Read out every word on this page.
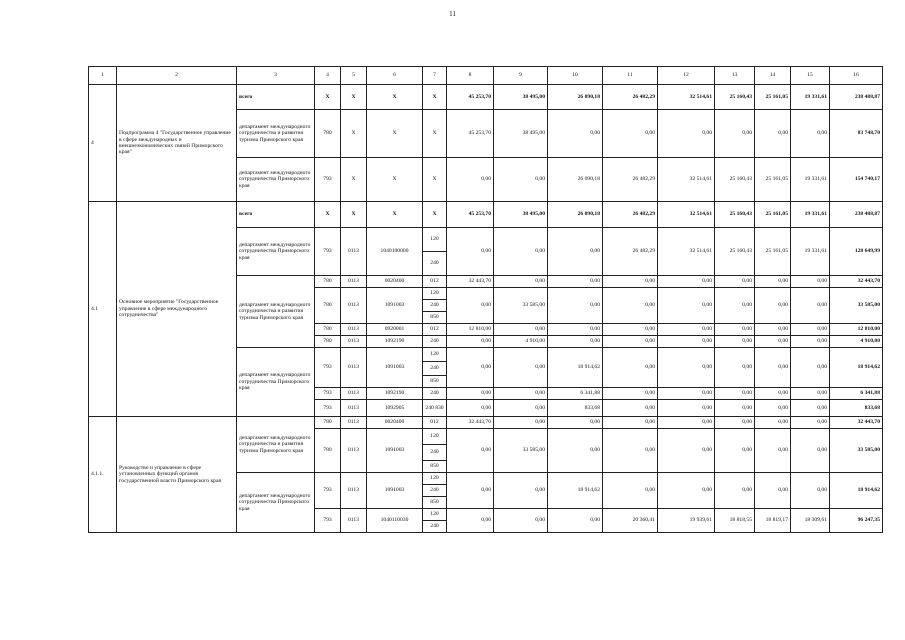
11
1	2	3	4	5	6	7	8	9	10	11	12	13	14	15	16
4	Подпрограмма 4 "Государственное управление в сфере международных и внешнеэкономических связей Приморского края"	всего	X	X	X	X	45 253,70	38 495,00	26 090,18	26 482,29	32 514,61	25 160,43	25 161,05	19 331,61	238 488,87
		департамент международного сотрудничества и развития туризма Приморского края	780	X	X	X	45 253,70	38 495,00	0,00	0,00	0,00	0,00	0,00	0,00	83 748,70
		департамент международного сотрудничества Приморского края	793	X	X	X	0,00	0,00	26 090,18	26 482,29	32 514,61	25 160,43	25 161,05	19 331,61	154 740,17
4.1	Основное мероприятие "Государственное управление в сфере международного сотрудничества"	всего	X	X	X	X	45 253,70	38 495,00	26 090,18	26 482,29	32 514,61	25 160,43	25 161,05	19 331,61	238 488,87
		департамент международного сотрудничества Приморского края	793	0113	1040100000	120	0,00	0,00	0,00	26 482,29	32 514,61	25 160,43	25 161,05	19 331,61	128 649,99
						240									
		департамент международного сотрудничества и развития туризма Приморского края	780	0113	0020400	012	32 443,70	0,00	0,00	0,00	0,00	0,00	0,00	0,00	32 443,70
			780	0113	1091003	120	0,00	33 585,00	0,00	0,00	0,00	0,00	0,00	0,00	33 585,00
						240									
						850									
			780	0113	0920001	012	12 810,00	0,00	0,00	0,00	0,00	0,00	0,00	0,00	12 810,00
			780	0113	1092190	240	0,00	4 910,00	0,00	0,00	0,00	0,00	0,00	0,00	4 910,00
		департамент международного сотрудничества Приморского края	793	0113	1091003	120	0,00	0,00	18 914,62	0,00	0,00	0,00	0,00	0,00	18 914,62
						240									
						850									
			793	0113	1092190	240	0,00	0,00	6 341,88	0,00	0,00	0,00	0,00	0,00	6 341,88
			793	0113	1092905	240 830	0,00	0,00	833,68	0,00	0,00	0,00	0,00	0,00	833,68

4.1.1.	Руководство и управление в сфере установленных функций органов государственной власти Приморского края	департамент международного сотрудничества и развития туризма Приморского края	780	0113	0020400	012	32 443,70	0,00	0,00	0,00	0,00	0,00	0,00	0,00	32 443,70
			780	0113	1091003	120	0,00	33 585,00	0,00	0,00	0,00	0,00	0,00	0,00	33 585,00
						240									
						850									
		департамент международного сотрудничества Приморского края	793	0113	1091003	120	0,00	0,00	18 914,62	0,00	0,00	0,00	0,00	0,00	18 914,62
						240									
						850									
			793	0113	1040110030	120	0,00	0,00	0,00	20 360,41	19 939,61	18 818,55	18 819,17	18 309,61	96 247,35
						240									
